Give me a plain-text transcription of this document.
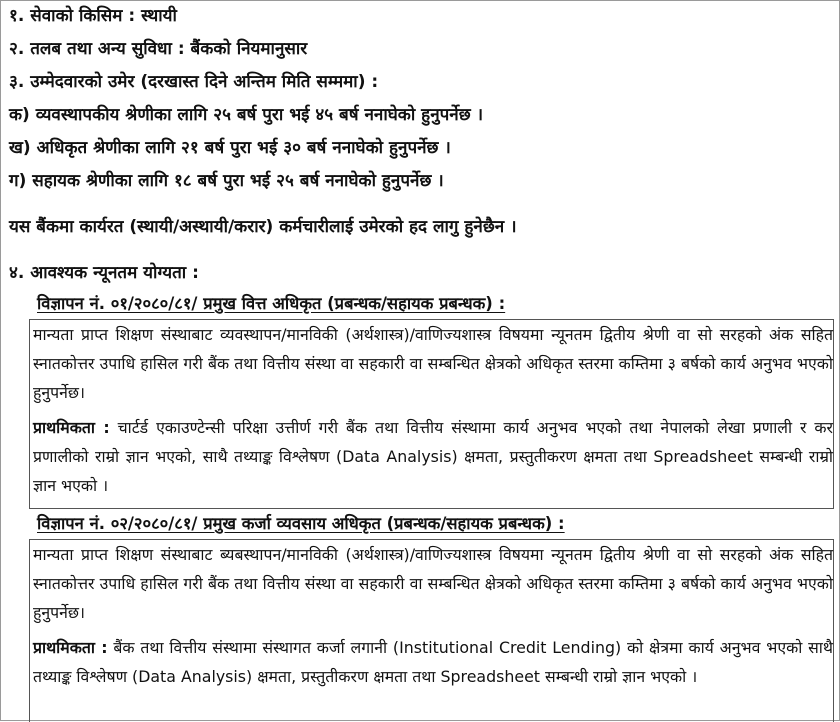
१. सेवाको किसिम : स्थायी
२. तलब तथा अन्य सुविधा : बैंकको नियमानुसार
३. उम्मेदवारको उमेर (दरखास्त दिने अन्तिम मिति सम्ममा) :
क) व्यवस्थापकीय श्रेणीका लागि २५ बर्ष पुरा भई ४५ बर्ष ननाघेको हुनुपर्नेछ ।
ख) अधिकृत श्रेणीका लागि २१ बर्ष पुरा भई ३० बर्ष ननाघेको हुनुपर्नेछ ।
ग) सहायक श्रेणीका लागि १८ बर्ष पुरा भई २५ बर्ष ननाघेको हुनुपर्नेछ ।
यस बैंकमा कार्यरत (स्थायी/अस्थायी/करार) कर्मचारीलाई उमेरको हद लागु हुनेछैन ।
४. आवश्यक न्यूनतम योग्यता :
विज्ञापन नं. ०१/२०८०/८१/ प्रमुख वित्त अधिकृत (प्रबन्धक/सहायक प्रबन्धक) :

मान्यता प्राप्त शिक्षण संस्थाबाट व्यवस्थापन/मानविकी (अर्थशास्त्र)/वाणिज्यशास्त्र विषयमा न्यूनतम द्वितीय श्रेणी वा सो सरहको अंक सहित स्नातकोत्तर उपाधि हासिल गरी बैंक तथा वित्तीय संस्था वा सहकारी वा सम्बन्धित क्षेत्रको अधिकृत स्तरमा कम्तिमा ३ बर्षको कार्य अनुभव भएको हुनुपर्नेछ।

प्राथमिकता : चार्टर्ड एकाउण्टेन्सी परिक्षा उत्तीर्ण गरी बैंक तथा वित्तीय संस्थामा कार्य अनुभव भएको तथा नेपालको लेखा प्रणाली र कर प्रणालीको राम्रो ज्ञान भएको, साथै तथ्याङ्क विश्लेषण (Data Analysis) क्षमता, प्रस्तुतीकरण क्षमता तथा Spreadsheet सम्बन्धी राम्रो ज्ञान भएको ।

विज्ञापन नं. ०२/२०८०/८१/ प्रमुख कर्जा व्यवसाय अधिकृत (प्रबन्धक/सहायक प्रबन्धक) :

मान्यता प्राप्त शिक्षण संस्थाबाट ब्यबस्थापन/मानविकी (अर्थशास्त्र)/वाणिज्यशास्त्र विषयमा न्यूनतम द्वितीय श्रेणी वा सो सरहको अंक सहित स्नातकोत्तर उपाधि हासिल गरी बैंक तथा वित्तीय संस्था वा सहकारी वा सम्बन्धित क्षेत्रको अधिकृत स्तरमा कम्तिमा ३ बर्षको कार्य अनुभव भएको हुनुपर्नेछ।

प्राथमिकता : बैंक तथा वित्तीय संस्थामा संस्थागत कर्जा लगानी (Institutional Credit Lending) को क्षेत्रमा कार्य अनुभव भएको साथै तथ्याङ्क विश्लेषण (Data Analysis) क्षमता, प्रस्तुतीकरण क्षमता तथा Spreadsheet सम्बन्धी राम्रो ज्ञान भएको ।
